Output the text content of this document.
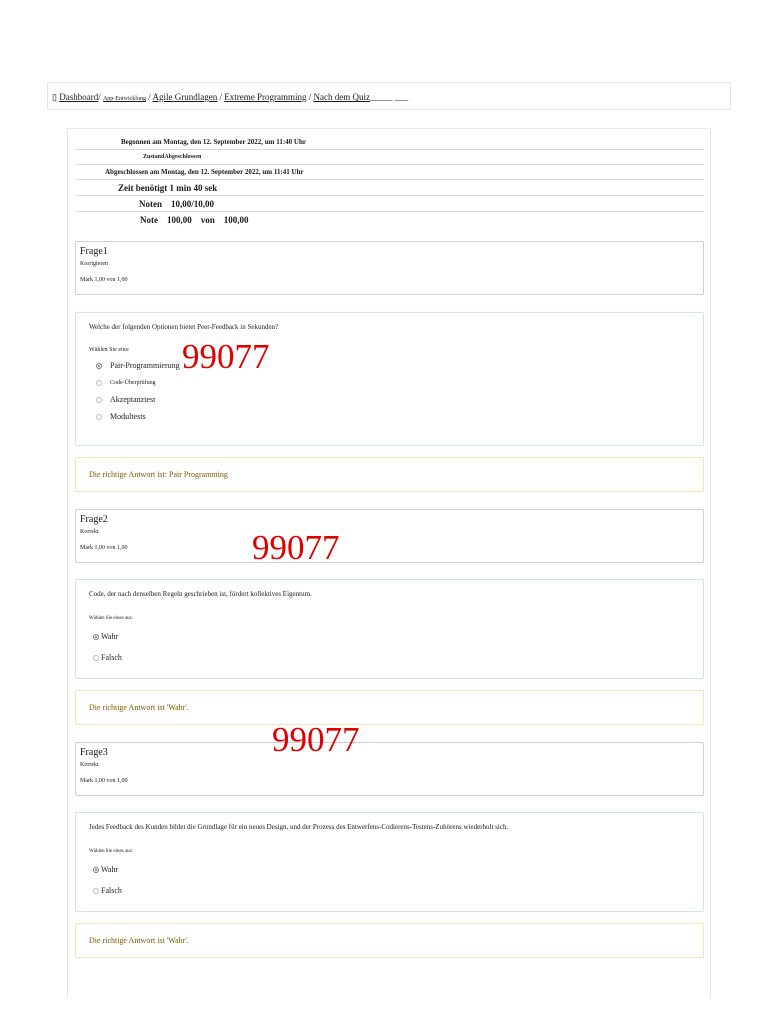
▯ Dashboard/ App-Entwicklung / Agile Grundlagen / Extreme Programming / Nach dem Quiz_____ ___
Begonnen am Montag, den 12. September 2022, um 11:40 Uhr
ZustandAbgeschlossen
Abgeschlossen am Montag, den 12. September 2022, um 11:41 Uhr
Zeit benötigt 1 min 40 sek
Noten    10,00/10,00
Note    100,00    von    100,00
Frage1
Korrigieren
Mark 1,00 von 1,00
Welche der folgenden Optionen bietet Peer-Feedback in Sekunden?
Wählen Sie eins:
Pair-Programmierung
Code-Überprüfung
Akzeptanztest
Modultests
Die richtige Antwort ist: Pair Programming
Frage2
Korrekt
Mark 1,00 von 1,00
Code, der nach denselben Regeln geschrieben ist, fördert kollektives Eigentum.
Wählen Sie eines aus:
Wahr
Falsch
Die richtige Antwort ist 'Wahr'.
Frage3
Korrekt
Mark 1,00 von 1,00
Jedes Feedback des Kunden bildet die Grundlage für ein neues Design, und der Prozess des Entwerfens-Codierens-Testens-Zuhörens wiederholt sich.
Wählen Sie eines aus:
Wahr
Falsch
Die richtige Antwort ist 'Wahr'.
99077
99077
99077
